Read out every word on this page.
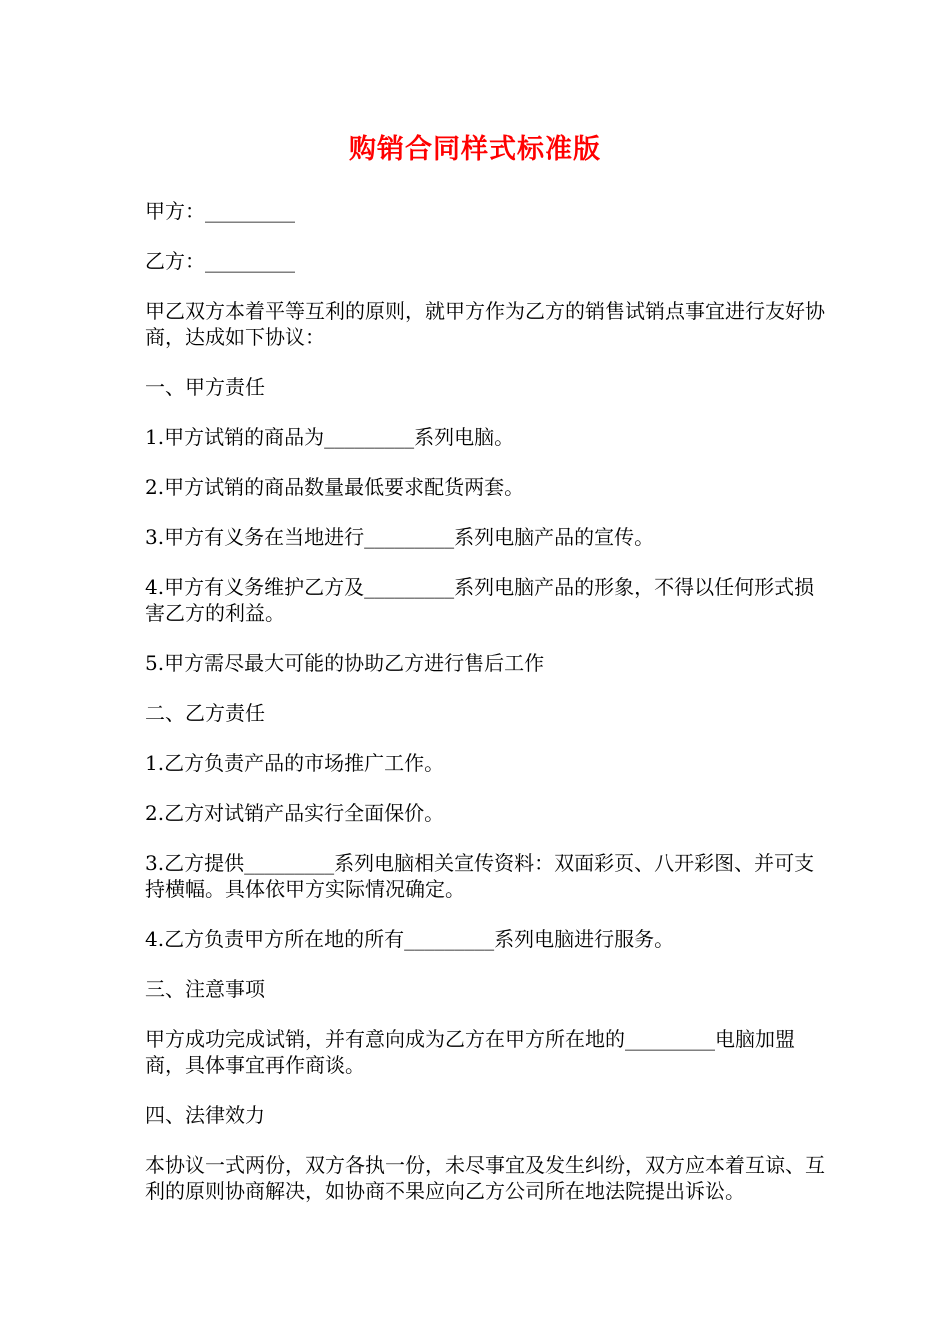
购销合同样式标准版

甲方：_________

乙方：_________

甲乙双方本着平等互利的原则，就甲方作为乙方的销售试销点事宜进行友好协商，达成如下协议：

一、甲方责任

1.甲方试销的商品为_________系列电脑。

2.甲方试销的商品数量最低要求配货两套。

3.甲方有义务在当地进行_________系列电脑产品的宣传。

4.甲方有义务维护乙方及_________系列电脑产品的形象，不得以任何形式损害乙方的利益。

5.甲方需尽最大可能的协助乙方进行售后工作

二、乙方责任

1.乙方负责产品的市场推广工作。

2.乙方对试销产品实行全面保价。

3.乙方提供_________系列电脑相关宣传资料：双面彩页、八开彩图、并可支持横幅。具体依甲方实际情况确定。

4.乙方负责甲方所在地的所有_________系列电脑进行服务。

三、注意事项

甲方成功完成试销，并有意向成为乙方在甲方所在地的_________电脑加盟商，具体事宜再作商谈。

四、法律效力

本协议一式两份，双方各执一份，未尽事宜及发生纠纷，双方应本着互谅、互利的原则协商解决，如协商不果应向乙方公司所在地法院提出诉讼。
